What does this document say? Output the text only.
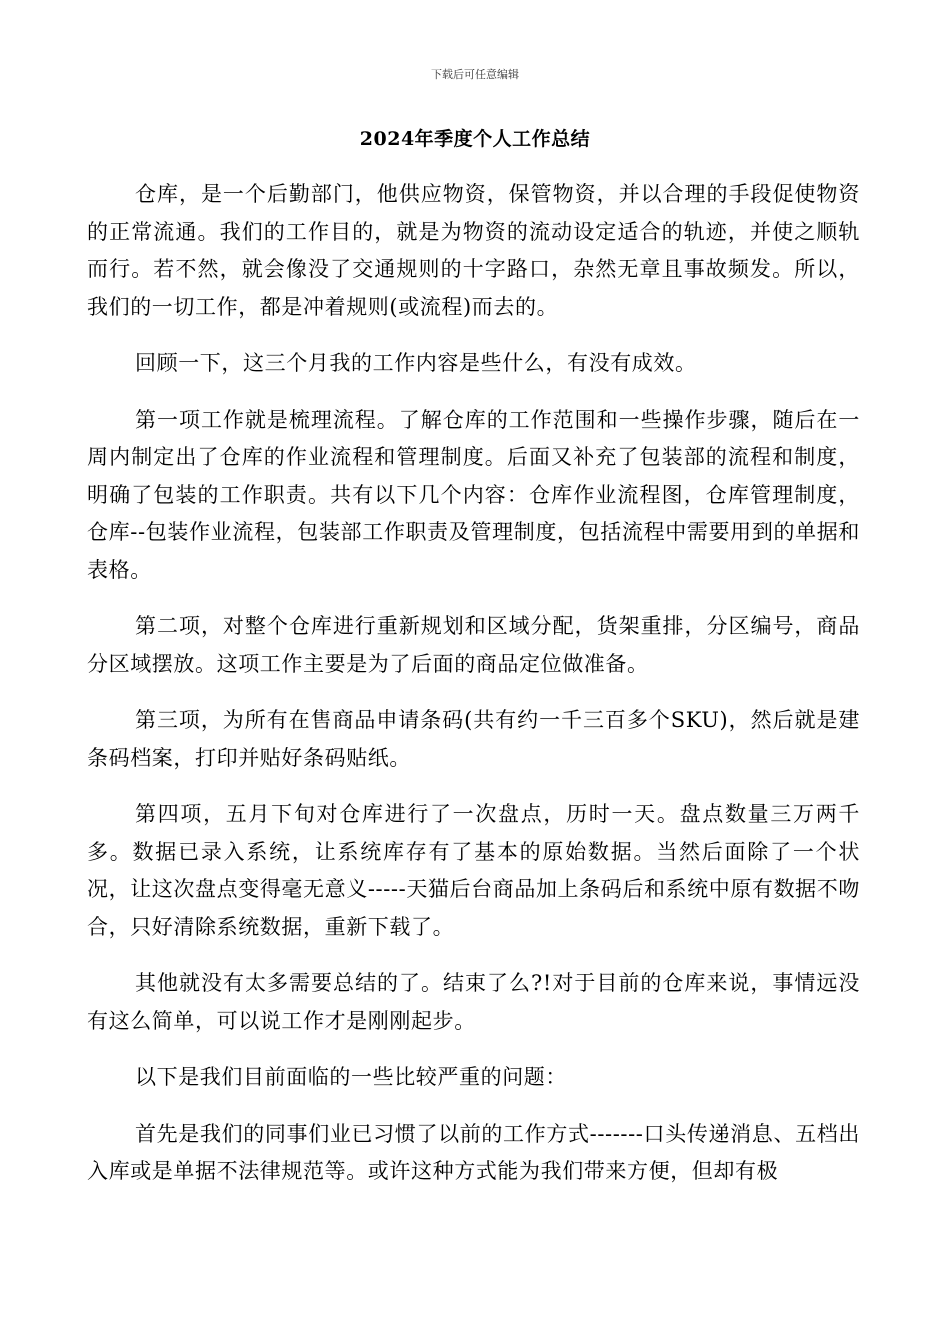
下载后可任意编辑
2024年季度个人工作总结

仓库，是一个后勤部门，他供应物资，保管物资，并以合理的手段促使物资的正常流通。我们的工作目的，就是为物资的流动设定适合的轨迹，并使之顺轨而行。若不然，就会像没了交通规则的十字路口，杂然无章且事故频发。所以，我们的一切工作，都是冲着规则(或流程)而去的。

回顾一下，这三个月我的工作内容是些什么，有没有成效。

第一项工作就是梳理流程。了解仓库的工作范围和一些操作步骤，随后在一周内制定出了仓库的作业流程和管理制度。后面又补充了包装部的流程和制度，明确了包装的工作职责。共有以下几个内容：仓库作业流程图，仓库管理制度，仓库--包装作业流程，包装部工作职责及管理制度，包括流程中需要用到的单据和表格。

第二项，对整个仓库进行重新规划和区域分配，货架重排，分区编号，商品分区域摆放。这项工作主要是为了后面的商品定位做准备。

第三项，为所有在售商品申请条码(共有约一千三百多个SKU)，然后就是建条码档案，打印并贴好条码贴纸。

第四项，五月下旬对仓库进行了一次盘点，历时一天。盘点数量三万两千多。数据已录入系统，让系统库存有了基本的原始数据。当然后面除了一个状况，让这次盘点变得毫无意义-----天猫后台商品加上条码后和系统中原有数据不吻合，只好清除系统数据，重新下载了。

其他就没有太多需要总结的了。结束了么?!对于目前的仓库来说，事情远没有这么简单，可以说工作才是刚刚起步。

以下是我们目前面临的一些比较严重的问题：

首先是我们的同事们业已习惯了以前的工作方式-------口头传递消息、五档出入库或是单据不法律规范等。或许这种方式能为我们带来方便，但却有极
